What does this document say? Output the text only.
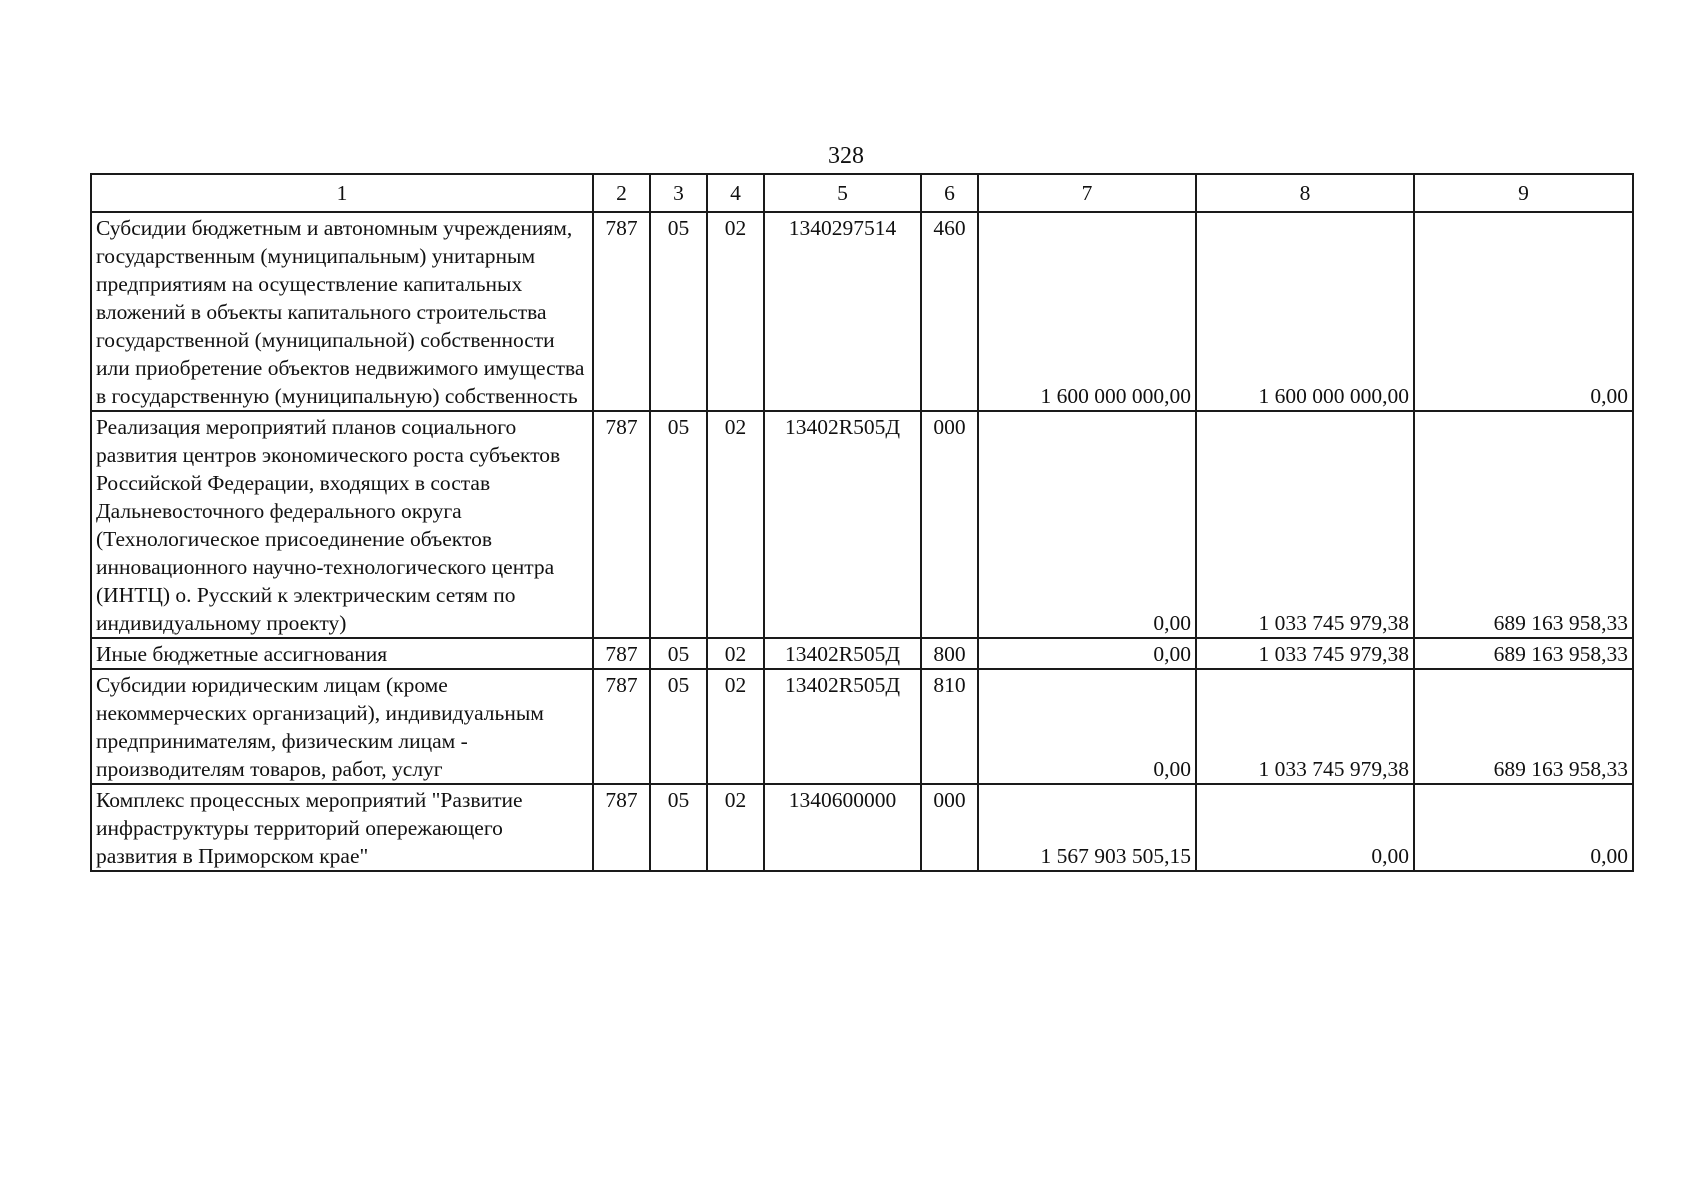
328
1	2	3	4	5	6	7	8	9
Субсидии бюджетным и автономным учреждениям, государственным (муниципальным) унитарным предприятиям на осуществление капитальных вложений в объекты капитального строительства государственной (муниципальной) собственности или приобретение объектов недвижимого имущества в государственную (муниципальную) собственность	787	05	02	1340297514	460	1 600 000 000,00	1 600 000 000,00	0,00
Реализация мероприятий планов социального развития центров экономического роста субъектов Российской Федерации, входящих в состав Дальневосточного федерального округа (Технологическое присоединение объектов инновационного научно-технологического центра (ИНТЦ) о. Русский к электрическим сетям по индивидуальному проекту)	787	05	02	13402R505Д	000	0,00	1 033 745 979,38	689 163 958,33
Иные бюджетные ассигнования	787	05	02	13402R505Д	800	0,00	1 033 745 979,38	689 163 958,33
Субсидии юридическим лицам (кроме некоммерческих организаций), индивидуальным предпринимателям, физическим лицам - производителям товаров, работ, услуг	787	05	02	13402R505Д	810	0,00	1 033 745 979,38	689 163 958,33
Комплекс процессных мероприятий "Развитие инфраструктуры территорий опережающего развития в Приморском крае"	787	05	02	1340600000	000	1 567 903 505,15	0,00	0,00
